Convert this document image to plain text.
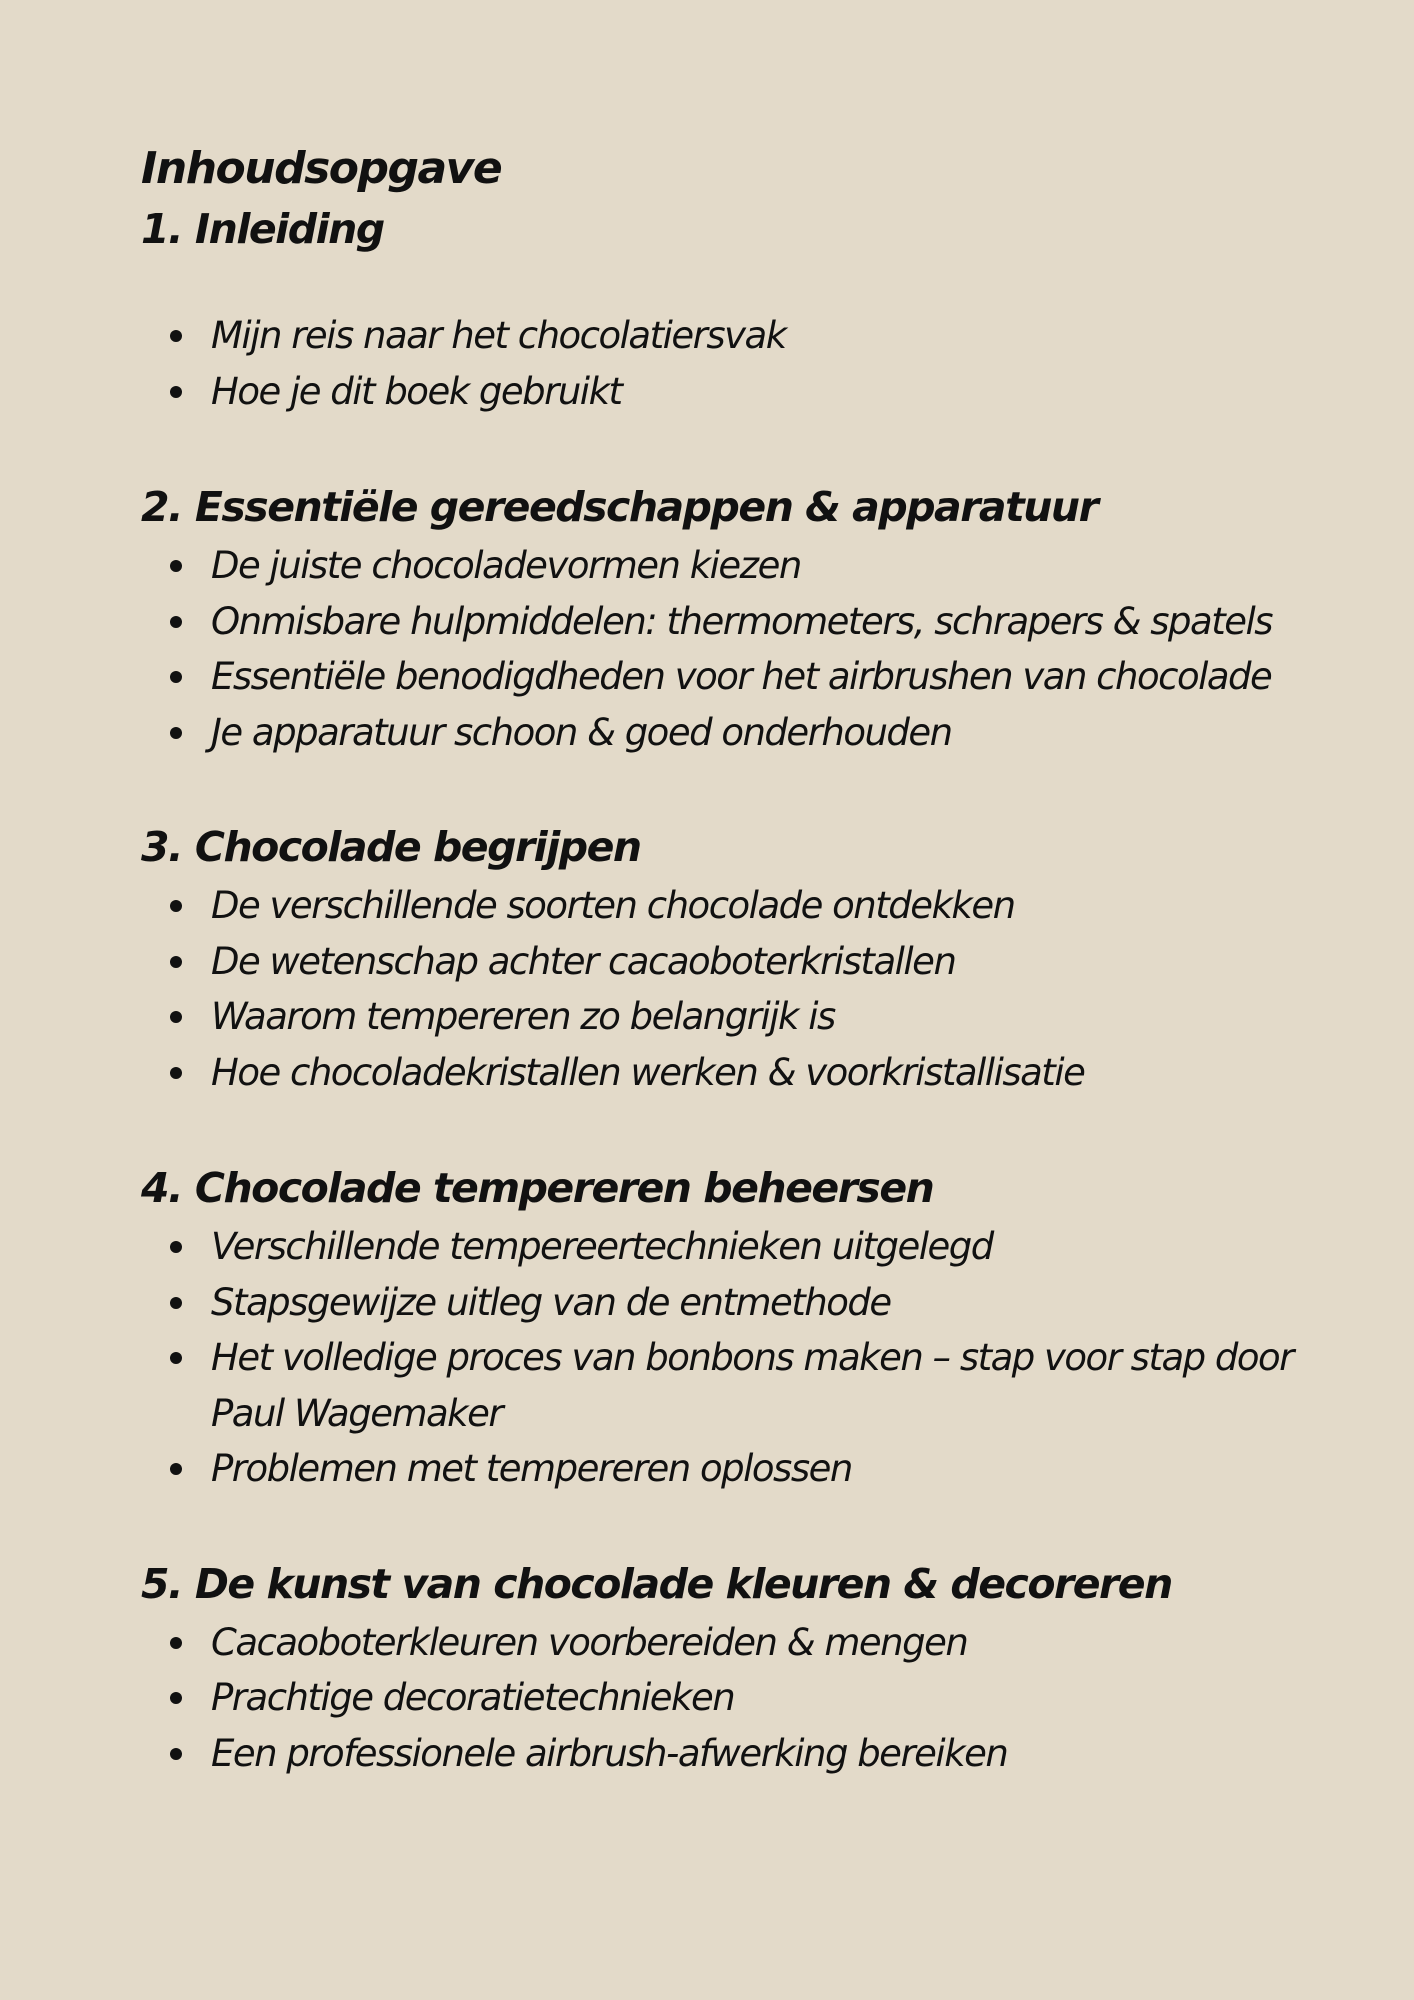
Inhoudsopgave
1. Inleiding
Mijn reis naar het chocolatiersvak
Hoe je dit boek gebruikt
2. Essentiële gereedschappen & apparatuur
De juiste chocoladevormen kiezen
Onmisbare hulpmiddelen: thermometers, schrapers & spatels
Essentiële benodigdheden voor het airbrushen van chocolade
Je apparatuur schoon & goed onderhouden
3. Chocolade begrijpen
De verschillende soorten chocolade ontdekken
De wetenschap achter cacaoboterkristallen
Waarom tempereren zo belangrijk is
Hoe chocoladekristallen werken & voorkristallisatie
4. Chocolade tempereren beheersen
Verschillende tempereertechnieken uitgelegd
Stapsgewijze uitleg van de entmethode
Het volledige proces van bonbons maken – stap voor stap door Paul Wagemaker
Problemen met tempereren oplossen
5. De kunst van chocolade kleuren & decoreren
Cacaoboterkleuren voorbereiden & mengen
Prachtige decoratietechnieken
Een professionele airbrush-afwerking bereiken
